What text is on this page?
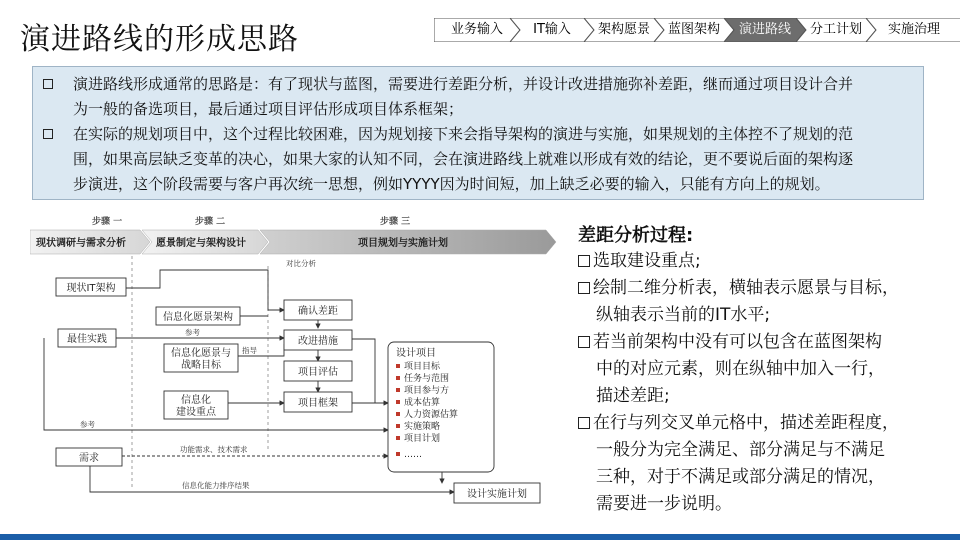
演进路线的形成思路	业务输入	IT输入	架构愿景	蓝图架构	演进路线	分工计划	实施治理
演进路线形成通常的思路是：有了现状与蓝图，需要进行差距分析，并设计改进措施弥补差距，继而通过项目设计合并
为一般的备选项目，最后通过项目评估形成项目体系框架；
在实际的规划项目中，这个过程比较困难，因为规划接下来会指导架构的演进与实施，如果规划的主体控不了规划的范
围，如果高层缺乏变革的决心，如果大家的认知不同，会在演进路线上就难以形成有效的结论，更不要说后面的架构逐
步演进，这个阶段需要与客户再次统一思想，例如YYYY因为时间短，加上缺乏必要的输入，只能有方向上的规划。
步骤 一	步骤 二	步骤 三
现状调研与需求分析	愿景制定与架构设计	项目规划与实施计划
现状IT架构
信息化愿景架构
最佳实践
信息化愿景与
战略目标
信息化
建设重点
确认差距
改进措施
项目评估
项目框架
需求
设计实施计划
设计项目
项目目标
任务与范围
项目参与方
成本估算
人力资源估算
实施策略
项目计划
……
对比分析
参考
指导
参考
功能需求、技术需求
信息化能力排序结果
差距分析过程:
选取建设重点;
绘制二维分析表，横轴表示愿景与目标，
纵轴表示当前的IT水平;
若当前架构中没有可以包含在蓝图架构
中的对应元素，则在纵轴中加入一行，
描述差距;
在行与列交叉单元格中，描述差距程度，
一般分为完全满足、部分满足与不满足
三种，对于不满足或部分满足的情况，
需要进一步说明。
